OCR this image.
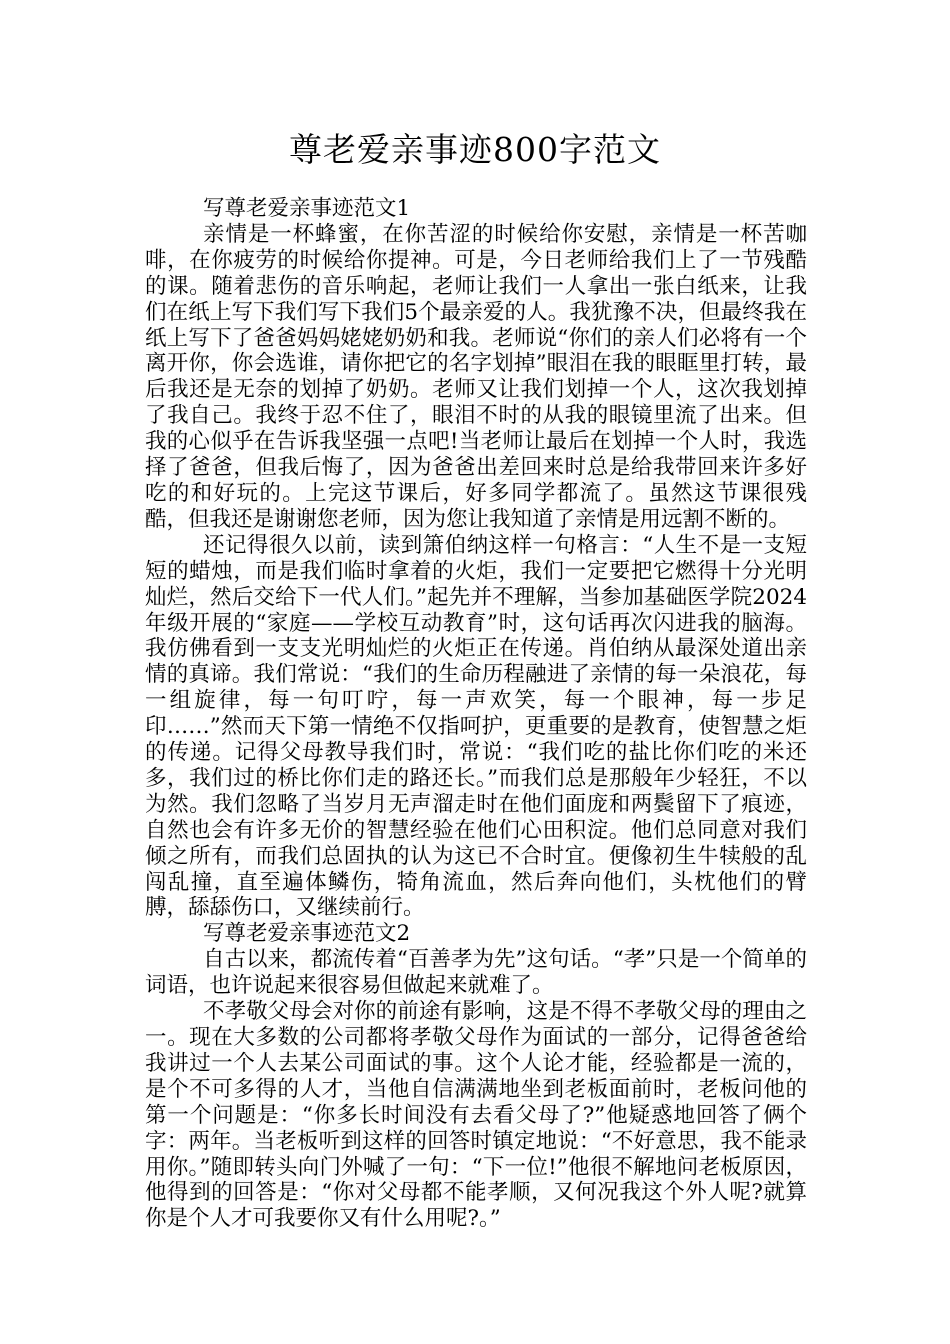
尊老爱亲事迹800字范文

写尊老爱亲事迹范文1

亲情是一杯蜂蜜，在你苦涩的时候给你安慰，亲情是一杯苦咖啡，在你疲劳的时候给你提神。可是，今日老师给我们上了一节残酷的课。随着悲伤的音乐响起，老师让我们一人拿出一张白纸来，让我们在纸上写下我们写下我们5个最亲爱的人。我犹豫不决，但最终我在纸上写下了爸爸妈妈姥姥奶奶和我。老师说“你们的亲人们必将有一个离开你，你会选谁，请你把它的名字划掉”眼泪在我的眼眶里打转，最后我还是无奈的划掉了奶奶。老师又让我们划掉一个人，这次我划掉了我自己。我终于忍不住了，眼泪不时的从我的眼镜里流了出来。但我的心似乎在告诉我坚强一点吧!当老师让最后在划掉一个人时，我选择了爸爸，但我后悔了，因为爸爸出差回来时总是给我带回来许多好吃的和好玩的。上完这节课后，好多同学都流了。虽然这节课很残酷，但我还是谢谢您老师，因为您让我知道了亲情是用远割不断的。

还记得很久以前，读到箫伯纳这样一句格言：“人生不是一支短短的蜡烛，而是我们临时拿着的火炬，我们一定要把它燃得十分光明灿烂，然后交给下一代人们。”起先并不理解，当参加基础医学院2024年级开展的“家庭——学校互动教育”时，这句话再次闪进我的脑海。我仿佛看到一支支光明灿烂的火炬正在传递。肖伯纳从最深处道出亲情的真谛。我们常说：“我们的生命历程融进了亲情的每一朵浪花，每一组旋律，每一句叮咛，每一声欢笑，每一个眼神，每一步足印……”然而天下第一情绝不仅指呵护，更重要的是教育，使智慧之炬的传递。记得父母教导我们时，常说：“我们吃的盐比你们吃的米还多，我们过的桥比你们走的路还长。”而我们总是那般年少轻狂，不以为然。我们忽略了当岁月无声溜走时在他们面庞和两鬓留下了痕迹，自然也会有许多无价的智慧经验在他们心田积淀。他们总同意对我们倾之所有，而我们总固执的认为这已不合时宜。便像初生牛犊般的乱闯乱撞，直至遍体鳞伤，犄角流血，然后奔向他们，头枕他们的臂膊，舔舔伤口，又继续前行。

写尊老爱亲事迹范文2

自古以来，都流传着“百善孝为先”这句话。“孝”只是一个简单的词语，也许说起来很容易但做起来就难了。

不孝敬父母会对你的前途有影响，这是不得不孝敬父母的理由之一。现在大多数的公司都将孝敬父母作为面试的一部分，记得爸爸给我讲过一个人去某公司面试的事。这个人论才能，经验都是一流的，是个不可多得的人才，当他自信满满地坐到老板面前时，老板问他的第一个问题是：“你多长时间没有去看父母了?”他疑惑地回答了俩个字：两年。当老板听到这样的回答时镇定地说：“不好意思，我不能录用你。”随即转头向门外喊了一句：“下一位!”他很不解地问老板原因，他得到的回答是：“你对父母都不能孝顺，又何况我这个外人呢?就算你是个人才可我要你又有什么用呢?。”
